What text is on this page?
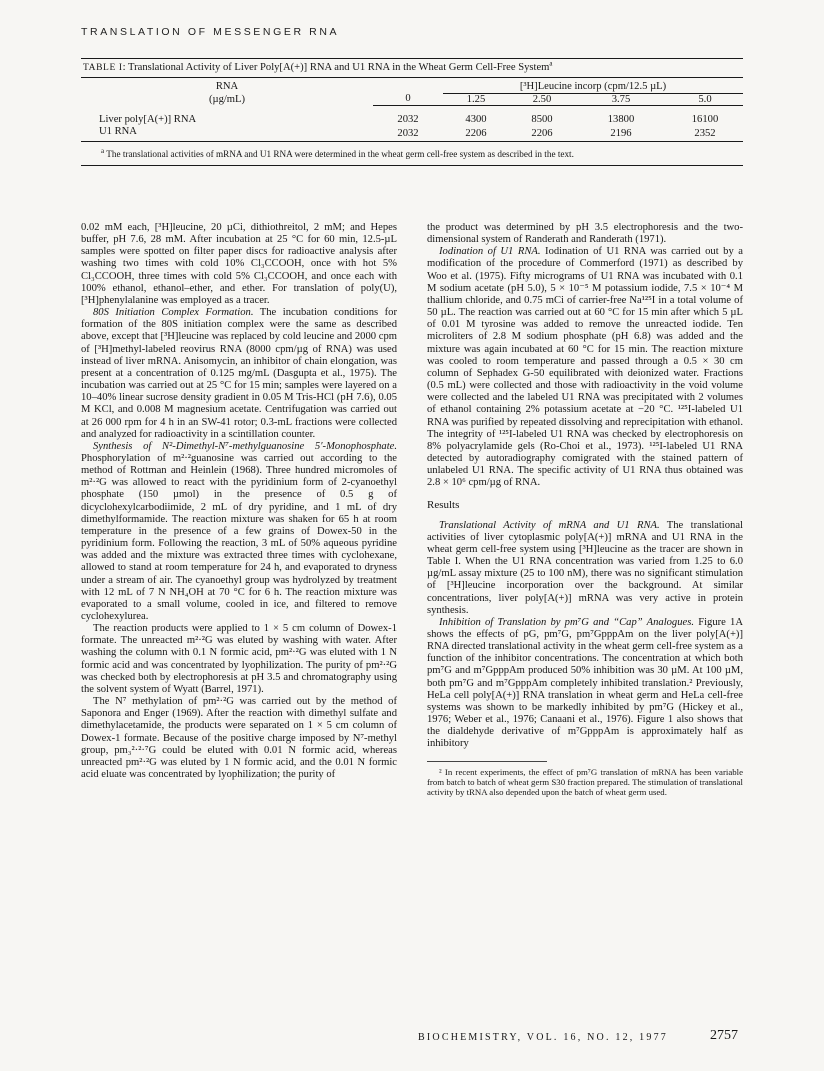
TRANSLATION OF MESSENGER RNA
TABLE I: Translational Activity of Liver Poly[A(+)] RNA and U1 RNA in the Wheat Germ Cell-Free System$^a$
RNA		[³H]Leucine incorp (cpm/12.5 µL)			
(µg/mL)	0	1.25	2.50	3.75	5.0

Liver poly[A(+)] RNA	2032	4300	8500	13800	16100
U1 RNA	2032	2206	2206	2196	2352
$^a$ The translational activities of mRNA and U1 RNA were determined in the wheat germ cell-free system as described in the text.

0.02 mM each, [³H]leucine, 20 µCi, dithiothreitol, 2 mM; and Hepes buffer, pH 7.6, 28 mM. After incubation at 25 °C for 60 min, 12.5-µL samples were spotted on filter paper discs for radioactive analysis after washing two times with cold 10% Cl₃CCOOH, once with hot 5% Cl₃CCOOH, three times with cold 5% Cl₃CCOOH, and once each with 100% ethanol, ethanol–ether, and ether. For translation of poly(U), [³H]phenylalanine was employed as a tracer.

80S Initiation Complex Formation. The incubation conditions for formation of the 80S initiation complex were the same as described above, except that [³H]leucine was replaced by cold leucine and 2000 cpm of [³H]methyl-labeled reovirus RNA (8000 cpm/µg of RNA) was used instead of liver mRNA. Anisomycin, an inhibitor of chain elongation, was present at a concentration of 0.125 mg/mL (Dasgupta et al., 1975). The incubation was carried out at 25 °C for 15 min; samples were layered on a 10–40% linear sucrose density gradient in 0.05 M Tris-HCl (pH 7.6), 0.05 M KCl, and 0.008 M magnesium acetate. Centrifugation was carried out at 26 000 rpm for 4 h in an SW-41 rotor; 0.3-mL fractions were collected and analyzed for radioactivity in a scintillation counter.

Synthesis of N²-Dimethyl-N⁷-methylguanosine 5′-Monophosphate. Phosphorylation of m²·²guanosine was carried out according to the method of Rottman and Heinlein (1968). Three hundred micromoles of m²·²G was allowed to react with the pyridinium form of 2-cyanoethyl phosphate (150 µmol) in the presence of 0.5 g of dicyclohexylcarbodiimide, 2 mL of dry pyridine, and 1 mL of dry dimethylformamide. The reaction mixture was shaken for 65 h at room temperature in the presence of a few grains of Dowex-50 in the pyridinium form. Following the reaction, 3 mL of 50% aqueous pyridine was added and the mixture was extracted three times with cyclohexane, allowed to stand at room temperature for 24 h, and evaporated to dryness under a stream of air. The cyanoethyl group was hydrolyzed by treatment with 12 mL of 7 N NH₄OH at 70 °C for 6 h. The reaction mixture was evaporated to a small volume, cooled in ice, and filtered to remove cyclohexylurea.

The reaction products were applied to 1 × 5 cm column of Dowex-1 formate. The unreacted m²·²G was eluted by washing with water. After washing the column with 0.1 N formic acid, pm²·²G was eluted with 1 N formic acid and was concentrated by lyophilization. The purity of pm²·²G was checked both by electrophoresis at pH 3.5 and chromatography using the solvent system of Wyatt (Barrel, 1971).

The N⁷ methylation of pm²·²G was carried out by the method of Saponora and Enger (1969). After the reaction with dimethyl sulfate and dimethylacetamide, the products were separated on 1 × 5 cm column of Dowex-1 formate. Because of the positive charge imposed by N⁷-methyl group, pm₃²·²·⁷G could be eluted with 0.01 N formic acid, whereas unreacted pm²·²G was eluted by 1 N formic acid, and the 0.01 N formic acid eluate was concentrated by lyophilization; the purity of

the product was determined by pH 3.5 electrophoresis and the two-dimensional system of Randerath and Randerath (1971).

Iodination of U1 RNA. Iodination of U1 RNA was carried out by a modification of the procedure of Commerford (1971) as described by Woo et al. (1975). Fifty micrograms of U1 RNA was incubated with 0.1 M sodium acetate (pH 5.0), 5 × 10⁻⁵ M potassium iodide, 7.5 × 10⁻⁴ M thallium chloride, and 0.75 mCi of carrier-free Na¹²⁵I in a total volume of 50 µL. The reaction was carried out at 60 °C for 15 min after which 5 µL of 0.01 M tyrosine was added to remove the unreacted iodide. Ten microliters of 2.8 M sodium phosphate (pH 6.8) was added and the mixture was again incubated at 60 °C for 15 min. The reaction mixture was cooled to room temperature and passed through a 0.5 × 30 cm column of Sephadex G-50 equilibrated with deionized water. Fractions (0.5 mL) were collected and those with radioactivity in the void volume were collected and the labeled U1 RNA was precipitated with 2 volumes of ethanol containing 2% potassium acetate at −20 °C. ¹²⁵I-labeled U1 RNA was purified by repeated dissolving and reprecipitation with ethanol. The integrity of ¹²⁵I-labeled U1 RNA was checked by electrophoresis on 8% polyacrylamide gels (Ro-Choi et al., 1973). ¹²⁵I-labeled U1 RNA detected by autoradiography comigrated with the stained pattern of unlabeled U1 RNA. The specific activity of U1 RNA thus obtained was 2.8 × 10⁶ cpm/µg of RNA.

Results

Translational Activity of mRNA and U1 RNA. The translational activities of liver cytoplasmic poly[A(+)] mRNA and U1 RNA in the wheat germ cell-free system using [³H]leucine as the tracer are shown in Table I. When the U1 RNA concentration was varied from 1.25 to 6.0 µg/mL assay mixture (25 to 100 nM), there was no significant stimulation of [³H]leucine incorporation over the background. At similar concentrations, liver poly[A(+)] mRNA was very active in protein synthesis.

Inhibition of Translation by pm⁷G and “Cap” Analogues. Figure 1A shows the effects of pG, pm⁷G, pm⁷GpppAm on the liver poly[A(+)] RNA directed translational activity in the wheat germ cell-free system as a function of the inhibitor concentrations. The concentration at which both pm⁷G and m⁷GpppAm produced 50% inhibition was 30 µM. At 100 µM, both pm⁷G and m⁷GpppAm completely inhibited translation.² Previously, HeLa cell poly[A(+)] RNA translation in wheat germ and HeLa cell-free systems was shown to be markedly inhibited by pm⁷G (Hickey et al., 1976; Weber et al., 1976; Canaani et al., 1976). Figure 1 also shows that the dialdehyde derivative of m⁷GpppAm is approximately half as inhibitory

² In recent experiments, the effect of pm⁷G translation of mRNA has been variable from batch to batch of wheat germ S30 fraction prepared. The stimulation of translational activity by tRNA also depended upon the batch of wheat germ used.

BIOCHEMISTRY, VOL. 16, NO. 12, 1977	2757
